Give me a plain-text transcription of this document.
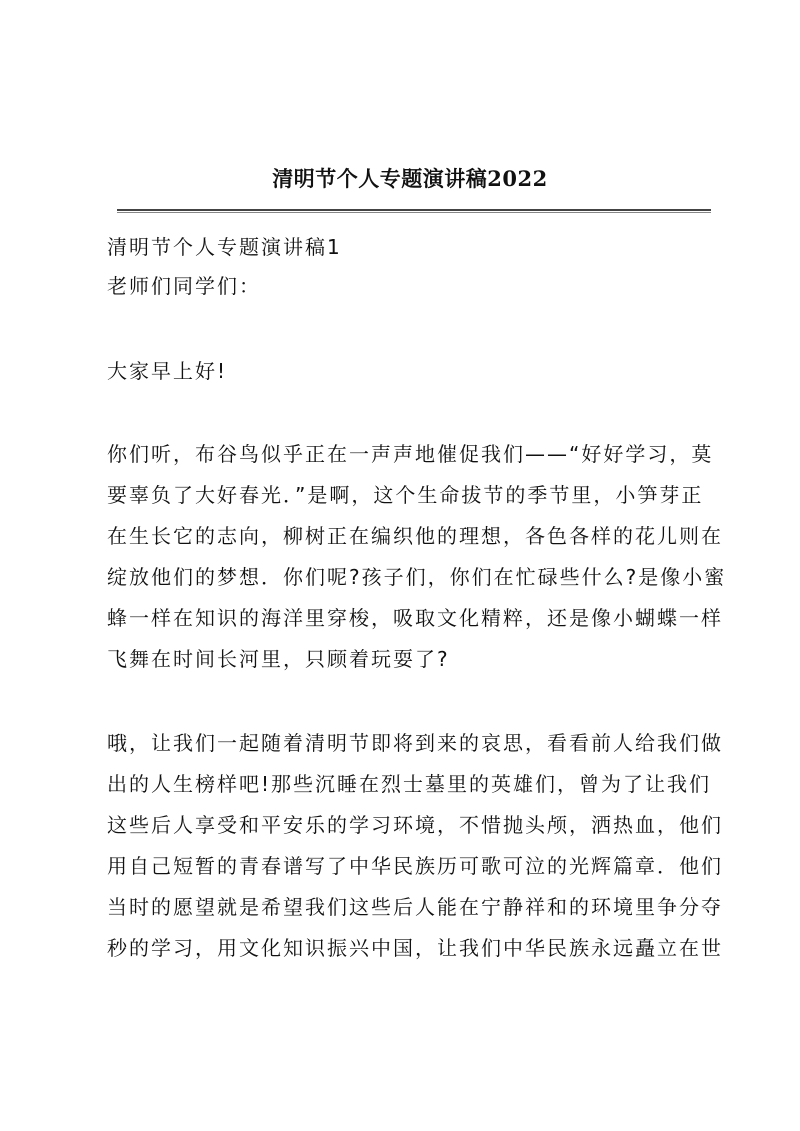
清明节个人专题演讲稿2022
清明节个人专题演讲稿1
老师们同学们：
大家早上好!
你们听，布谷鸟似乎正在一声声地催促我们——“好好学习，莫
要辜负了大好春光．”是啊，这个生命拔节的季节里，小笋芽正
在生长它的志向，柳树正在编织他的理想，各色各样的花儿则在
绽放他们的梦想．你们呢?孩子们，你们在忙碌些什么?是像小蜜
蜂一样在知识的海洋里穿梭，吸取文化精粹，还是像小蝴蝶一样
飞舞在时间长河里，只顾着玩耍了?
哦，让我们一起随着清明节即将到来的哀思，看看前人给我们做
出的人生榜样吧!那些沉睡在烈士墓里的英雄们，曾为了让我们
这些后人享受和平安乐的学习环境，不惜抛头颅，洒热血，他们
用自己短暂的青春谱写了中华民族历可歌可泣的光辉篇章．他们
当时的愿望就是希望我们这些后人能在宁静祥和的环境里争分夺
秒的学习，用文化知识振兴中国，让我们中华民族永远矗立在世
